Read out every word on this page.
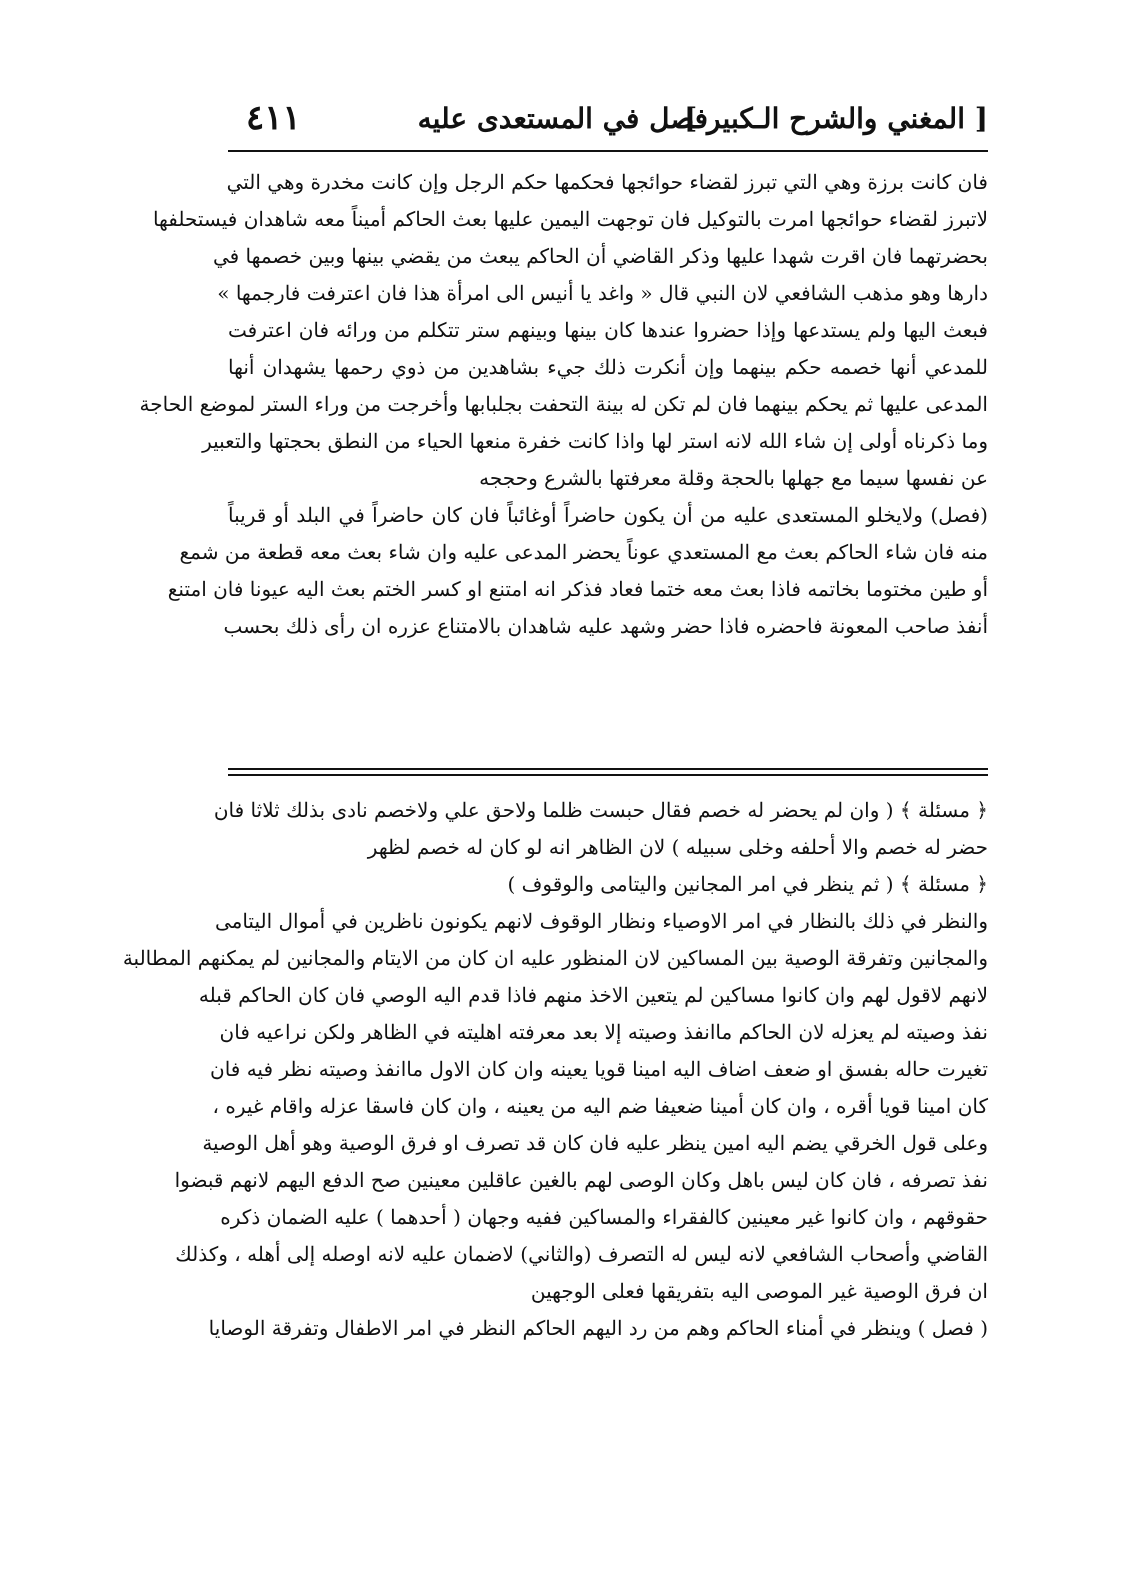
[ المغني والشرح الـكبير ]
فصل في المستعدى عليه
٤١١
فان كانت برزة وهي التي تبرز لقضاء حوائجها فحكمها حكم الرجل وإن كانت مخدرة وهي التي
لاتبرز لقضاء حوائجها امرت بالتوكيل فان توجهت اليمين عليها بعث الحاكم أميناً معه شاهدان فيستحلفها
بحضرتهما فان اقرت شهدا عليها وذكر القاضي أن الحاكم يبعث من يقضي بينها وبين خصمها في
دارها وهو مذهب الشافعي لان النبي قال « واغد يا أنيس الى امرأة هذا فان اعترفت فارجمها »
فبعث اليها ولم يستدعها وإذا حضروا عندها كان بينها وبينهم ستر تتكلم من ورائه فان اعترفت
للمدعي أنها خصمه حكم بينهما وإن أنكرت ذلك جيء بشاهدين من ذوي رحمها يشهدان أنها
المدعى عليها ثم يحكم بينهما فان لم تكن له بينة التحفت بجلبابها وأخرجت من وراء الستر لموضع الحاجة
وما ذكرناه أولى إن شاء الله لانه استر لها واذا كانت خفرة منعها الحياء من النطق بحجتها والتعبير
عن نفسها سيما مع جهلها بالحجة وقلة معرفتها بالشرع وحججه
(فصل) ولايخلو المستعدى عليه من أن يكون حاضراً أوغائباً فان كان حاضراً في البلد أو قريباً
منه فان شاء الحاكم بعث مع المستعدي عوناً يحضر المدعى عليه وان شاء بعث معه قطعة من شمع
أو طين مختوما بخاتمه فاذا بعث معه ختما فعاد فذكر انه امتنع او كسر الختم بعث اليه عيونا فان امتنع
أنفذ صاحب المعونة فاحضره فاذا حضر وشهد عليه شاهدان بالامتناع عزره ان رأى ذلك بحسب
﴿ مسئلة ﴾ ( وان لم يحضر له خصم فقال حبست ظلما ولاحق علي ولاخصم نادى بذلك ثلاثا فان
حضر له خصم والا أحلفه وخلى سبيله ) لان الظاهر انه لو كان له خصم لظهر
﴿ مسئلة ﴾ ( ثم ينظر في امر المجانين واليتامى والوقوف )
والنظر في ذلك بالنظار في امر الاوصياء ونظار الوقوف لانهم يكونون ناظرين في أموال اليتامى
والمجانين وتفرقة الوصية بين المساكين لان المنظور عليه ان كان من الايتام والمجانين لم يمكنهم المطالبة
لانهم لاقول لهم وان كانوا مساكين لم يتعين الاخذ منهم فاذا قدم اليه الوصي فان كان الحاكم قبله
نفذ وصيته لم يعزله لان الحاكم ماانفذ وصيته إلا بعد معرفته اهليته في الظاهر ولكن نراعيه فان
تغيرت حاله بفسق او ضعف اضاف اليه امينا قويا يعينه وان كان الاول ماانفذ وصيته نظر فيه فان
كان امينا قويا أقره ، وان كان أمينا ضعيفا ضم اليه من يعينه ، وان كان فاسقا عزله واقام غيره ،
وعلى قول الخرقي يضم اليه امين ينظر عليه فان كان قد تصرف او فرق الوصية وهو أهل الوصية
نفذ تصرفه ، فان كان ليس باهل وكان الوصى لهم بالغين عاقلين معينين صح الدفع اليهم لانهم قبضوا
حقوقهم ، وان كانوا غير معينين كالفقراء والمساكين ففيه وجهان ( أحدهما ) عليه الضمان ذكره
القاضي وأصحاب الشافعي لانه ليس له التصرف (والثاني) لاضمان عليه لانه اوصله إلى أهله ، وكذلك
ان فرق الوصية غير الموصى اليه بتفريقها فعلى الوجهين
( فصل ) وينظر في أمناء الحاكم وهم من رد اليهم الحاكم النظر في امر الاطفال وتفرقة الوصايا
